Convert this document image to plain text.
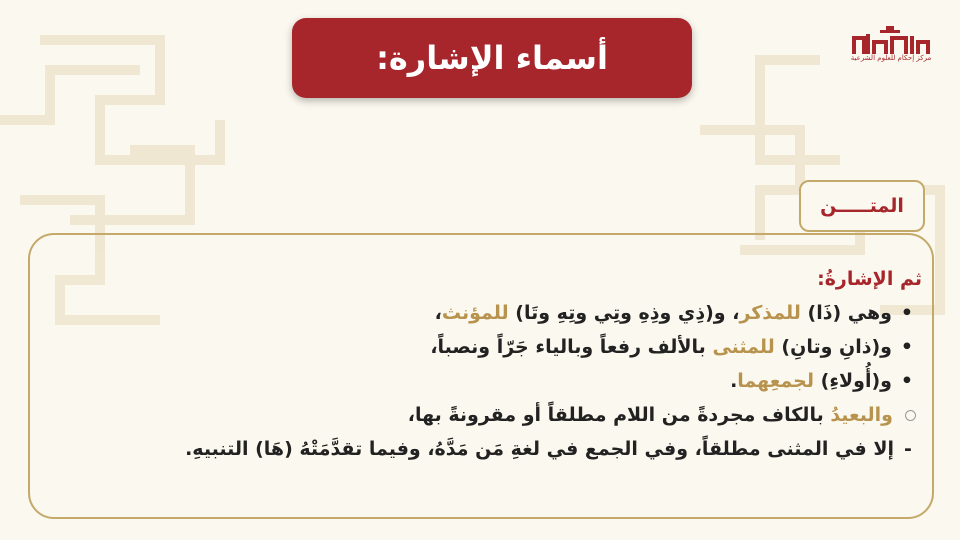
أسماء الإشارة:	مركز إحكام للعلوم الشرعية
المتـــــن
ثم الإشارةُ:
•وهي (ذَا) للمذكر، و(ذِي وذِهِ وتِي وتِهِ وتَا) للمؤنث،
•و(ذانِ وتانِ) للمثنى بالألف رفعاً وبالياء جَرّاً ونصباً،
•و(أُولاءِ) لجمعِهما.
والبعيدُ بالكاف مجردةً من اللام مطلقاً أو مقرونةً بها،
-إلا في المثنى مطلقاً، وفي الجمع في لغةِ مَن مَدَّهُ، وفيما تقدَّمَتْهُ (هَا) التنبيهِ.
